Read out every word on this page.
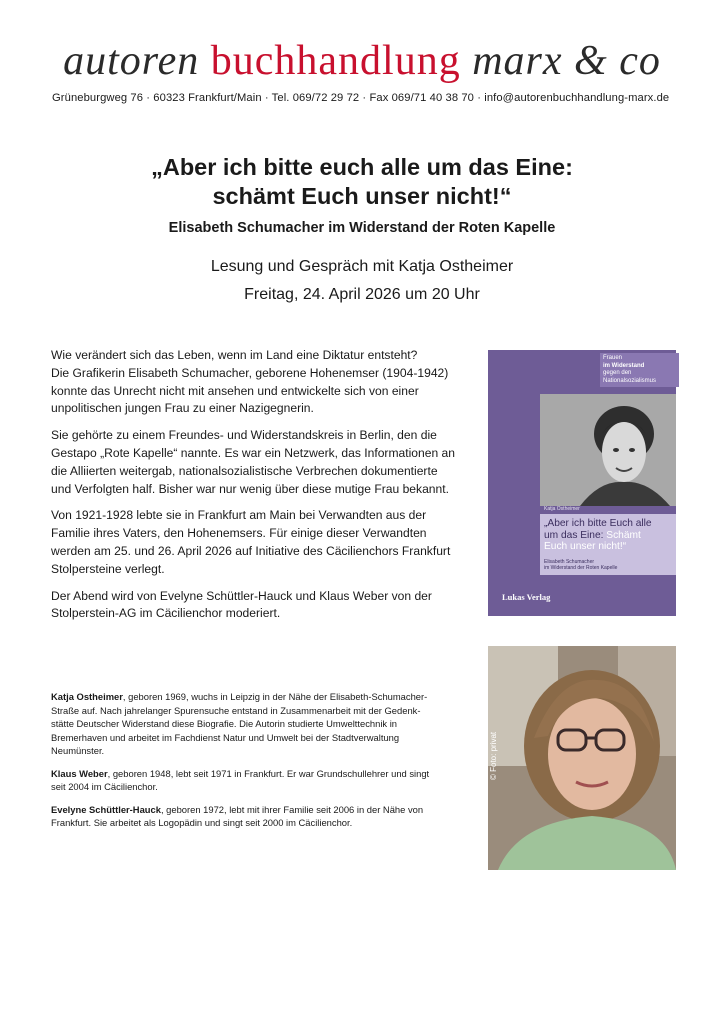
autoren buchhandlung marx & co
Grüneburgweg 76 · 60323 Frankfurt/Main · Tel. 069/72 29 72 · Fax 069/71 40 38 70 · info@autorenbuchhandlung-marx.de
„Aber ich bitte euch alle um das Eine:
schämt Euch unser nicht!“
Elisabeth Schumacher im Widerstand der Roten Kapelle
Lesung und Gespräch mit Katja Ostheimer
Freitag, 24. April 2026 um 20 Uhr

Wie verändert sich das Leben, wenn im Land eine Diktatur entsteht?
Die Grafikerin Elisabeth Schumacher, geborene Hohenemser (1904-1942)
konnte das Unrecht nicht mit ansehen und entwickelte sich von einer
unpolitischen jungen Frau zu einer Nazigegnerin.

Sie gehörte zu einem Freundes- und Widerstandskreis in Berlin, den die
Gestapo „Rote Kapelle“ nannte. Es war ein Netzwerk, das Informationen an
die Alliierten weitergab, nationalsozialistische Verbrechen dokumentierte
und Verfolgten half. Bisher war nur wenig über diese mutige Frau bekannt.

Von 1921-1928 lebte sie in Frankfurt am Main bei Verwandten aus der
Familie ihres Vaters, den Hohenemsers. Für einige dieser Verwandten
werden am 25. und 26. April 2026 auf Initiative des Cäcilienchors Frankfurt
Stolpersteine verlegt.

Der Abend wird von Evelyne Schüttler-Hauck und Klaus Weber von der
Stolperstein-AG im Cäcilienchor moderiert.

Katja Ostheimer, geboren 1969, wuchs in Leipzig in der Nähe der Elisabeth-Schumacher-
Straße auf. Nach jahrelanger Spurensuche entstand in Zusammenarbeit mit der Gedenk-
stätte Deutscher Widerstand diese Biografie. Die Autorin studierte Umwelttechnik in
Bremerhaven und arbeitet im Fachdienst Natur und Umwelt bei der Stadtverwaltung
Neumünster.

Klaus Weber, geboren 1948, lebt seit 1971 in Frankfurt. Er war Grundschullehrer und singt
seit 2004 im Cäcilienchor.

Evelyne Schüttler-Hauck, geboren 1972, lebt mit ihrer Familie seit 2006 in der Nähe von
Frankfurt. Sie arbeitet als Logopädin und singt seit 2000 im Cäcilienchor.

Frauen
im Widerstand
gegen den
Nationalsozialismus
Katja Ostheimer
„Aber ich bitte Euch alle
um das Eine: Schämt
Euch unser nicht!“
Elisabeth Schumacher
im Widerstand der Roten Kapelle
Lukas Verlag
© Foto: privat
